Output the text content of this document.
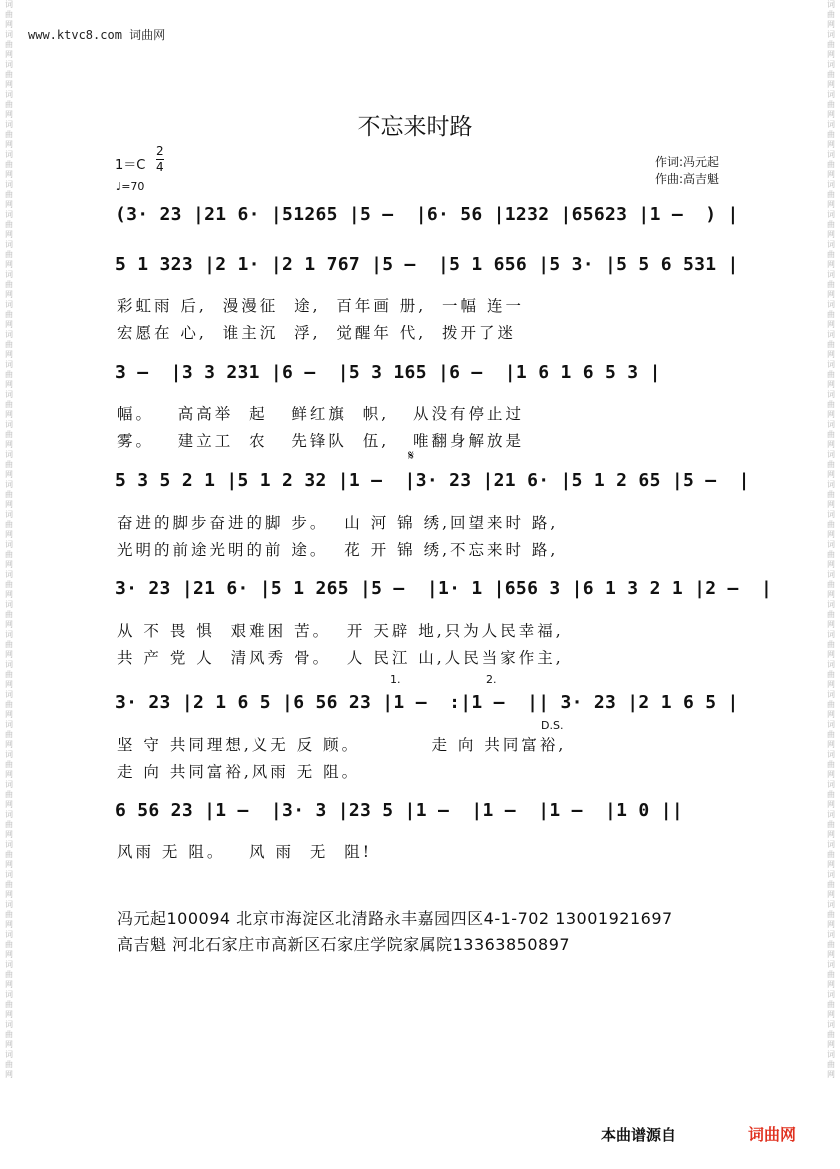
词曲网词曲网词曲网词曲网词曲网词曲网词曲网词曲网词曲网词曲网词曲网词曲网词曲网词曲网词曲网词曲网词曲网词曲网词曲网词曲网词曲网词曲网词曲网词曲网词曲网词曲网词曲网词曲网词曲网词曲网词曲网词曲网词曲网词曲网词曲网词曲网
词曲网词曲网词曲网词曲网词曲网词曲网词曲网词曲网词曲网词曲网词曲网词曲网词曲网词曲网词曲网词曲网词曲网词曲网词曲网词曲网词曲网词曲网词曲网词曲网词曲网词曲网词曲网词曲网词曲网词曲网词曲网词曲网词曲网词曲网词曲网词曲网
www.ktvc8.com 词曲网
不忘来时路
1＝C
2
4
♩=70
作词:冯元起
作曲:高吉魁
(3· 23 |21 6· |51265 |5 –  |6· 56 |1232 |65623 |1 –  ) |
5 1 323 |2 1· |2 1 767 |5 –  |5 1 656 |5 3· |5 5 6 531 |
彩虹雨 后,  漫漫征  途,  百年画 册,  一幅 连一
宏愿在 心,  谁主沉  浮,  觉醒年 代,  拨开了迷
3 –  |3 3 231 |6 –  |5 3 165 |6 –  |1 6 1 6 5 3 |
幅。   高高举  起   鲜红旗  帜,   从没有停止过
雾。   建立工  农   先锋队  伍,   唯翻身解放是
𝄋
5 3 5 2 1 |5 1 2 32 |1 –  |3· 23 |21 6· |5 1 2 65 |5 –  |
奋进的脚步奋进的脚 步。  山 河 锦 绣,回望来时 路,
光明的前途光明的前 途。  花 开 锦 绣,不忘来时 路,
3· 23 |21 6· |5 1 265 |5 –  |1· 1 |656 3 |6 1 3 2 1 |2 –  |
从 不 畏 惧  艰难困 苦。  开 天辟 地,只为人民幸福,
共 产 党 人  清风秀 骨。  人 民江 山,人民当家作主,
1.	2.
3· 23 |2 1 6 5 |6 56 23 |1 –  :|1 –  || 3· 23 |2 1 6 5 |
D.S.
坚 守 共同理想,义无 反 顾。         走 向 共同富裕,
走 向 共同富裕,风雨 无 阻。
6 56 23 |1 –  |3· 3 |23 5 |1 –  |1 –  |1 –  |1 0 ||
风雨 无 阻。   风 雨  无  阻!
冯元起100094 北京市海淀区北清路永丰嘉园四区4-1-702 13001921697
高吉魁 河北石家庄市高新区石家庄学院家属院13363850897
本曲谱源自	词曲网
